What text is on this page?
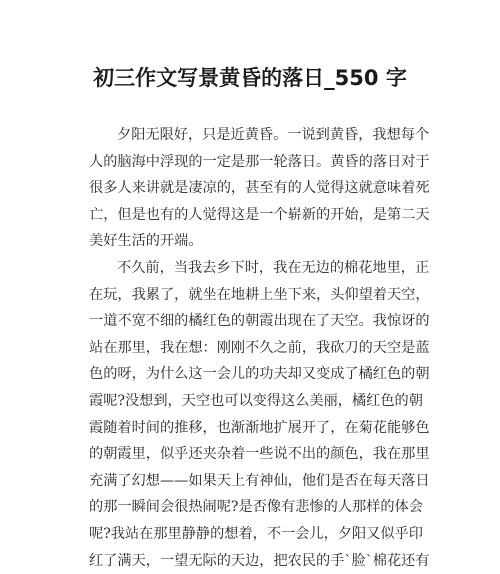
初三作文写景黄昏的落日_550 字

夕阳无限好，只是近黄昏。一说到黄昏，我想每个
人的脑海中浮现的一定是那一轮落日。黄昏的落日对于
很多人来讲就是凄凉的，甚至有的人觉得这就意味着死
亡，但是也有的人觉得这是一个崭新的开始，是第二天
美好生活的开端。

不久前，当我去乡下时，我在无边的棉花地里，正
在玩，我累了，就坐在地耕上坐下来，头仰望着天空，
一道不宽不细的橘红色的朝霞出现在了天空。我惊讶的
站在那里，我在想：刚刚不久之前，我砍刀的天空是蓝
色的呀，为什么这一会儿的功夫却又变成了橘红色的朝
霞呢?没想到，天空也可以变得这么美丽，橘红色的朝
霞随着时间的推移，也渐渐地扩展开了，在菊花能够色
的朝霞里，似乎还夹杂着一些说不出的颜色，我在那里
充满了幻想——如果天上有神仙，他们是否在每天落日
的那一瞬间会很热闹呢?是否像有悲惨的人那样的体会
呢?我站在那里静静的想着，不一会儿，夕阳又似乎印
红了满天，一望无际的天边，把农民的手`脸`棉花还有
